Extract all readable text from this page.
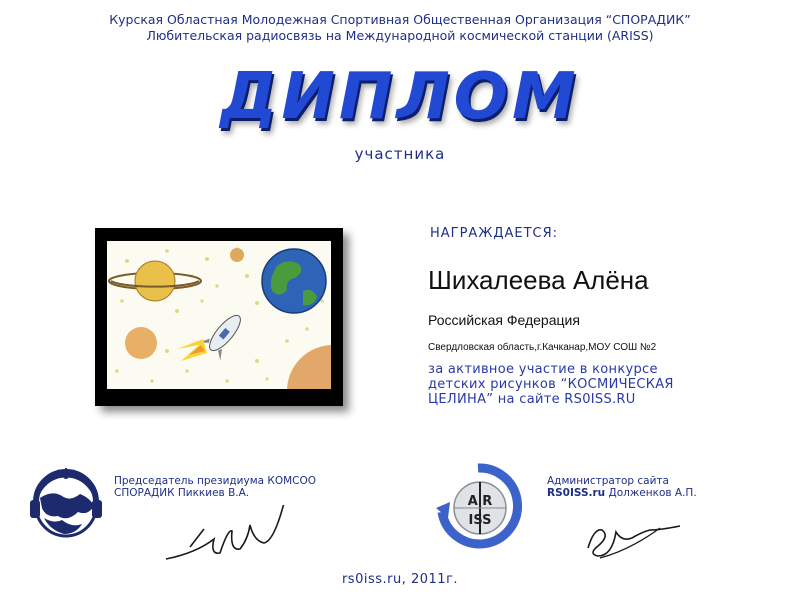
Курская Областная Молодежная Спортивная Общественная Организация “СПОРАДИК”
Любительская радиосвязь на Международной космической станции (ARISS)
ДИПЛОМ
участника
НАГРАЖДАЕТСЯ:
Шихалеева Алёна
Российская Федерация
Свердловская область,г.Качканар,МОУ СОШ №2
за активное участие в конкурсе
детских рисунков “КОСМИЧЕСКАЯ
ЦЕЛИНА” на сайте RS0ISS.RU
Председатель президиума КОМСОО
СПОРАДИК Пиккиев В.А.
A R
ISS
Администратор сайта
RS0ISS.ru Долженков А.П.
rs0iss.ru, 2011г.
